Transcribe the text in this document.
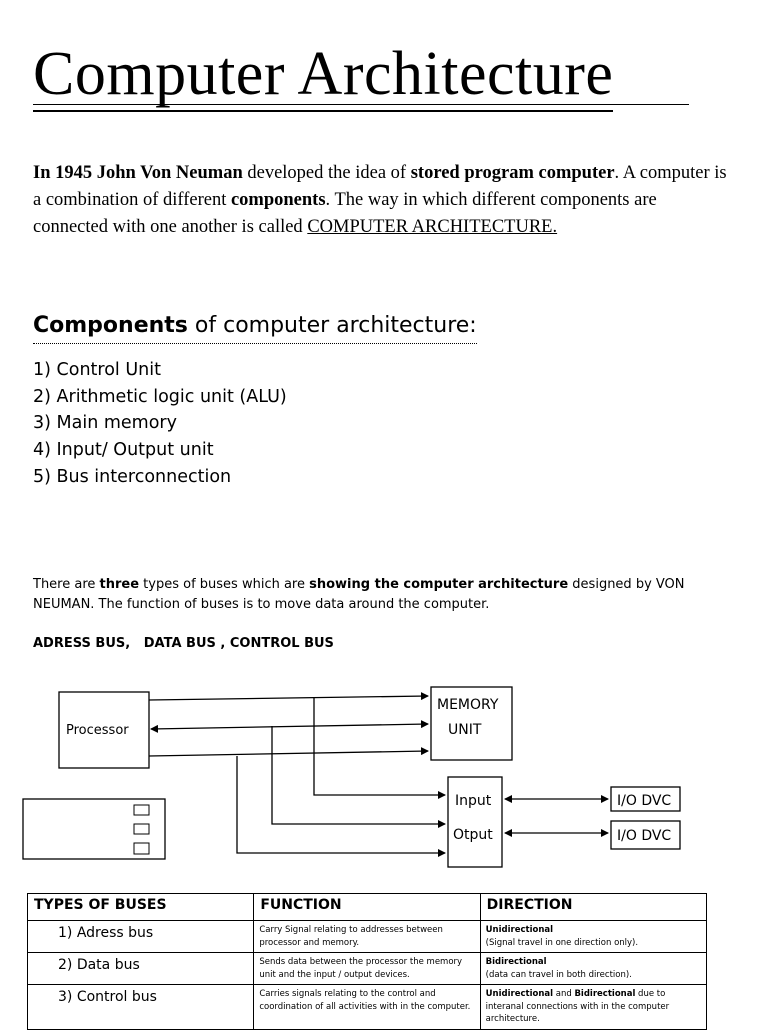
Computer Architecture

In 1945 John Von Neuman developed the idea of stored program computer. A computer is a combination of different components. The way in which different components are connected with one another is called COMPUTER ARCHITECTURE.

Components of computer architecture:
1) Control Unit
2) Arithmetic logic unit (ALU)
3) Main memory
4) Input/ Output unit
5) Bus interconnection

There are three types of buses which are showing the computer architecture designed by VON NEUMAN. The function of buses is to move data around the computer.

ADRESS BUS,   DATA BUS , CONTROL BUS

Processor
MEMORY
UNIT
Input
Otput
I/O DVC
I/O DVC
TYPES OF BUSES	FUNCTION	DIRECTION
1) Adress bus	Carry Signal relating to addresses between processor and memory.	Unidirectional
(Signal travel in one direction only).
2) Data bus	Sends data between the processor the memory unit and the input / output devices.	Bidirectional
(data can travel in both direction).
3) Control bus	Carries signals relating to the control and coordination of all activities with in the computer.	Unidirectional and Bidirectional due to interanal connections with in the computer architecture.
